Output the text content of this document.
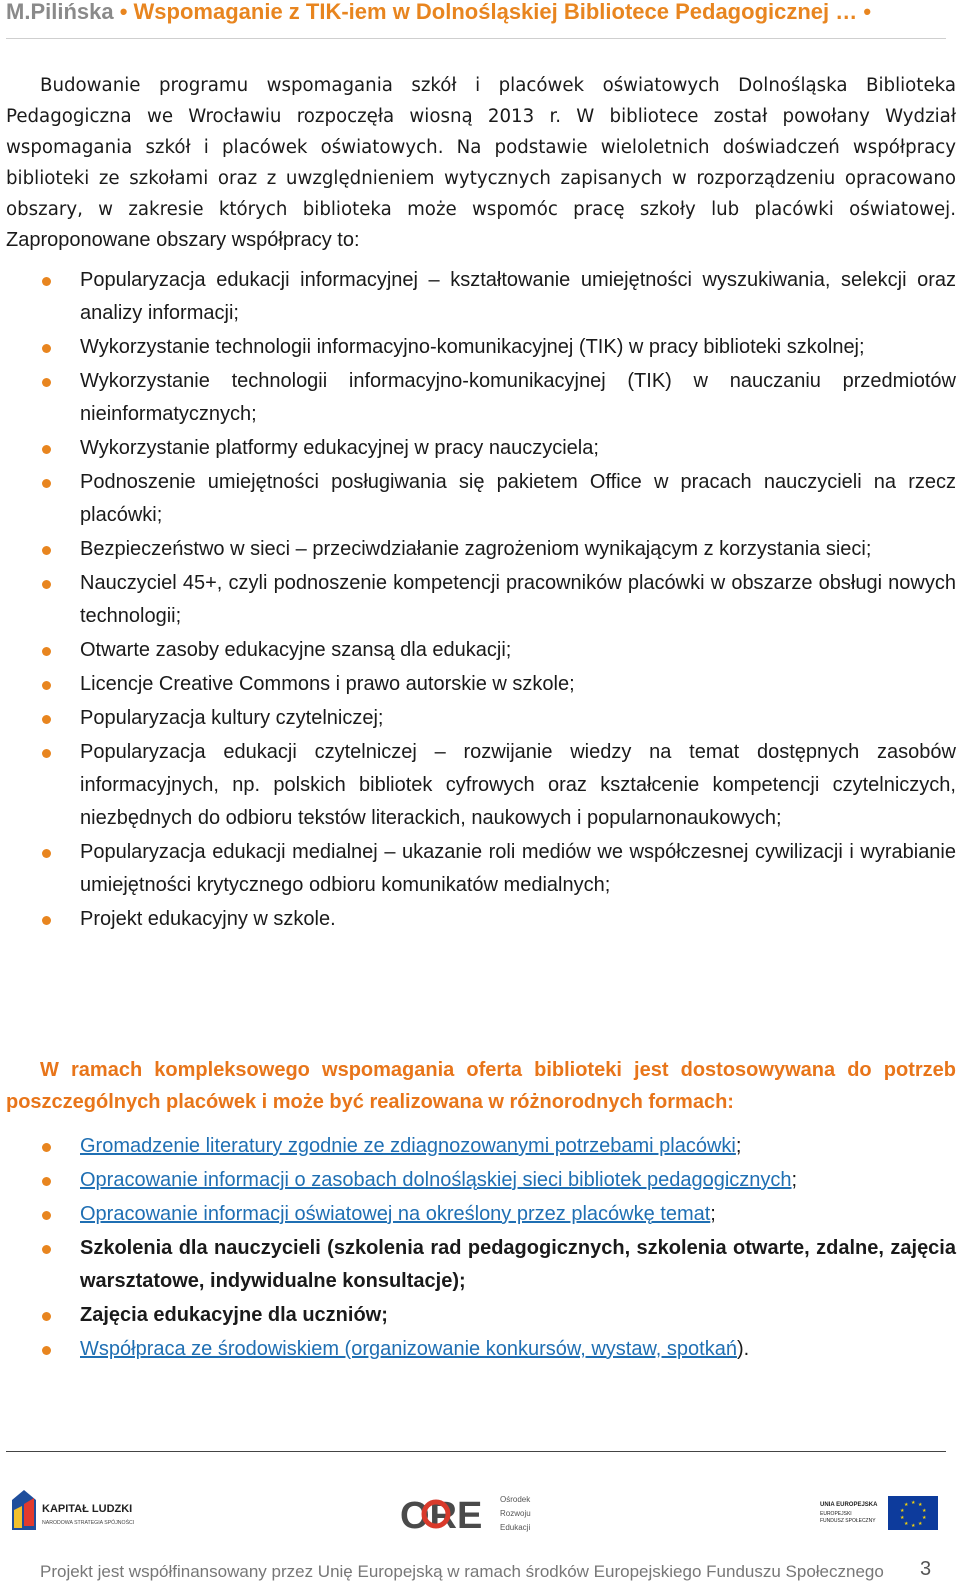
M.Pilińska • Wspomaganie z TIK-iem w Dolnośląskiej Bibliotece Pedagogicznej … •
Budowanie programu wspomagania szkół i placówek oświatowych Dolnośląska Biblioteka Pedagogiczna we Wrocławiu rozpoczęła wiosną 2013 r. W bibliotece został powołany Wydział wspomagania szkół i placówek oświatowych. Na podstawie wieloletnich doświadczeń współpracy biblioteki ze szkołami oraz z uwzględnieniem wytycznych zapisanych w rozporządzeniu opracowano obszary, w zakresie których biblioteka może wspomóc pracę szkoły lub placówki oświatowej. Zaproponowane obszary współpracy to:
Popularyzacja edukacji informacyjnej – kształtowanie umiejętności wyszukiwania, selekcji oraz analizy informacji;
Wykorzystanie technologii informacyjno-komunikacyjnej (TIK) w pracy biblioteki szkolnej;
Wykorzystanie technologii informacyjno-komunikacyjnej (TIK) w nauczaniu przedmiotów nieinformatycznych;
Wykorzystanie platformy edukacyjnej w pracy nauczyciela;
Podnoszenie umiejętności posługiwania się pakietem Office w pracach nauczycieli na rzecz placówki;
Bezpieczeństwo w sieci – przeciwdziałanie zagrożeniom wynikającym z korzystania sieci;
Nauczyciel 45+, czyli podnoszenie kompetencji pracowników placówki w obszarze obsługi nowych technologii;
Otwarte zasoby edukacyjne szansą dla edukacji;
Licencje Creative Commons i prawo autorskie w szkole;
Popularyzacja kultury czytelniczej;
Popularyzacja edukacji czytelniczej – rozwijanie wiedzy na temat dostępnych zasobów informacyjnych, np. polskich bibliotek cyfrowych oraz kształcenie kompetencji czytelniczych, niezbędnych do odbioru tekstów literackich, naukowych i popularnonaukowych;
Popularyzacja edukacji medialnej – ukazanie roli mediów we współczesnej cywilizacji i wyrabianie umiejętności krytycznego odbioru komunikatów medialnych;
Projekt edukacyjny w szkole.
W ramach kompleksowego wspomagania oferta biblioteki jest dostosowywana do potrzeb poszczególnych placówek i może być realizowana w różnorodnych formach:
Gromadzenie literatury zgodnie ze zdiagnozowanymi potrzebami placówki;
Opracowanie informacji o zasobach dolnośląskiej sieci bibliotek pedagogicznych;
Opracowanie informacji oświatowej na określony przez placówkę temat;
Szkolenia dla nauczycieli (szkolenia rad pedagogicznych, szkolenia otwarte, zdalne, zajęcia warsztatowe, indywidualne konsultacje);
Zajęcia edukacyjne dla uczniów;
Współpraca ze środowiskiem (organizowanie konkursów, wystaw, spotkań).
KAPITAŁ LUDZKI
NARODOWA STRATEGIA SPÓJNOŚCI	ORE Ośrodek
Rozwoju
Edukacji
UNIA EUROPEJSKA
EUROPEJSKI
FUNDUSZ SPOŁECZNY
★ ★
★
★
★
★
★
★
★
★
Projekt jest współfinansowany przez Unię Europejską w ramach środków Europejskiego Funduszu Społecznego	3
